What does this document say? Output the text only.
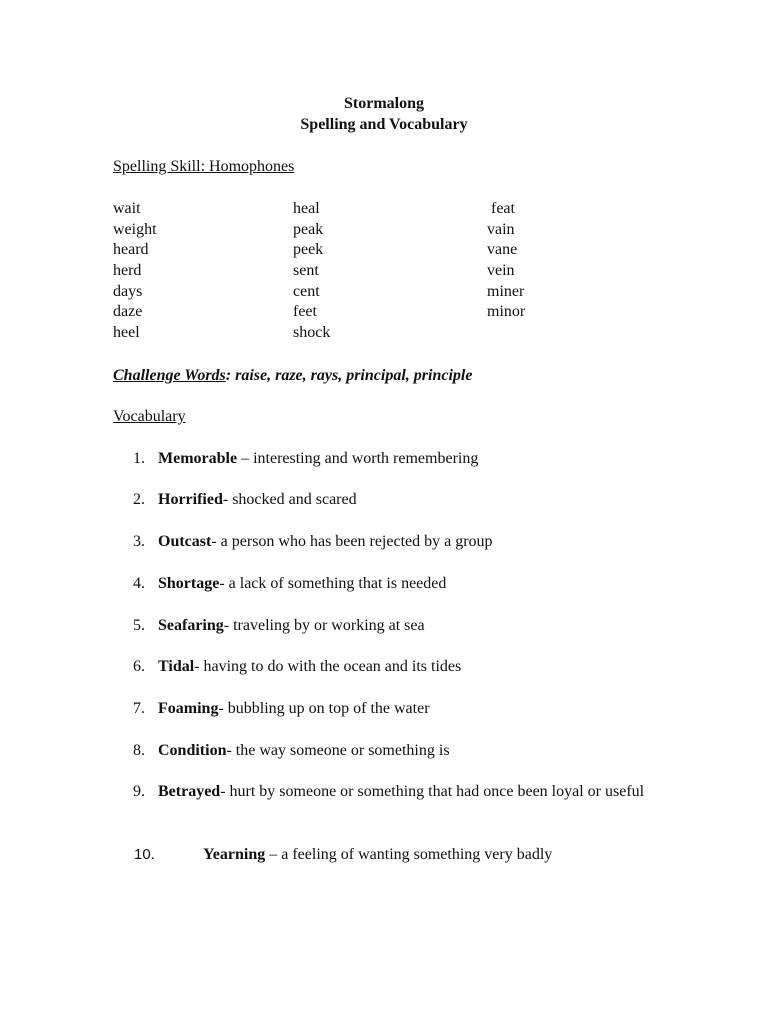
Stormalong
Spelling and Vocabulary
Spelling Skill: Homophones
wait
weight
heard
herd
days
daze
heel
heal
peak
peek
sent
cent
feet
shock
feat
vain
vane
vein
miner
minor
Challenge Words: raise, raze, rays, principal, principle
Vocabulary
1. Memorable – interesting and worth remembering
2. Horrified- shocked and scared
3. Outcast- a person who has been rejected by a group
4. Shortage- a lack of something that is needed
5. Seafaring- traveling by or working at sea
6. Tidal- having to do with the ocean and its tides
7. Foaming- bubbling up on top of the water
8. Condition- the way someone or something is
9. Betrayed- hurt by someone or something that had once been loyal or useful
10.	Yearning – a feeling of wanting something very badly
